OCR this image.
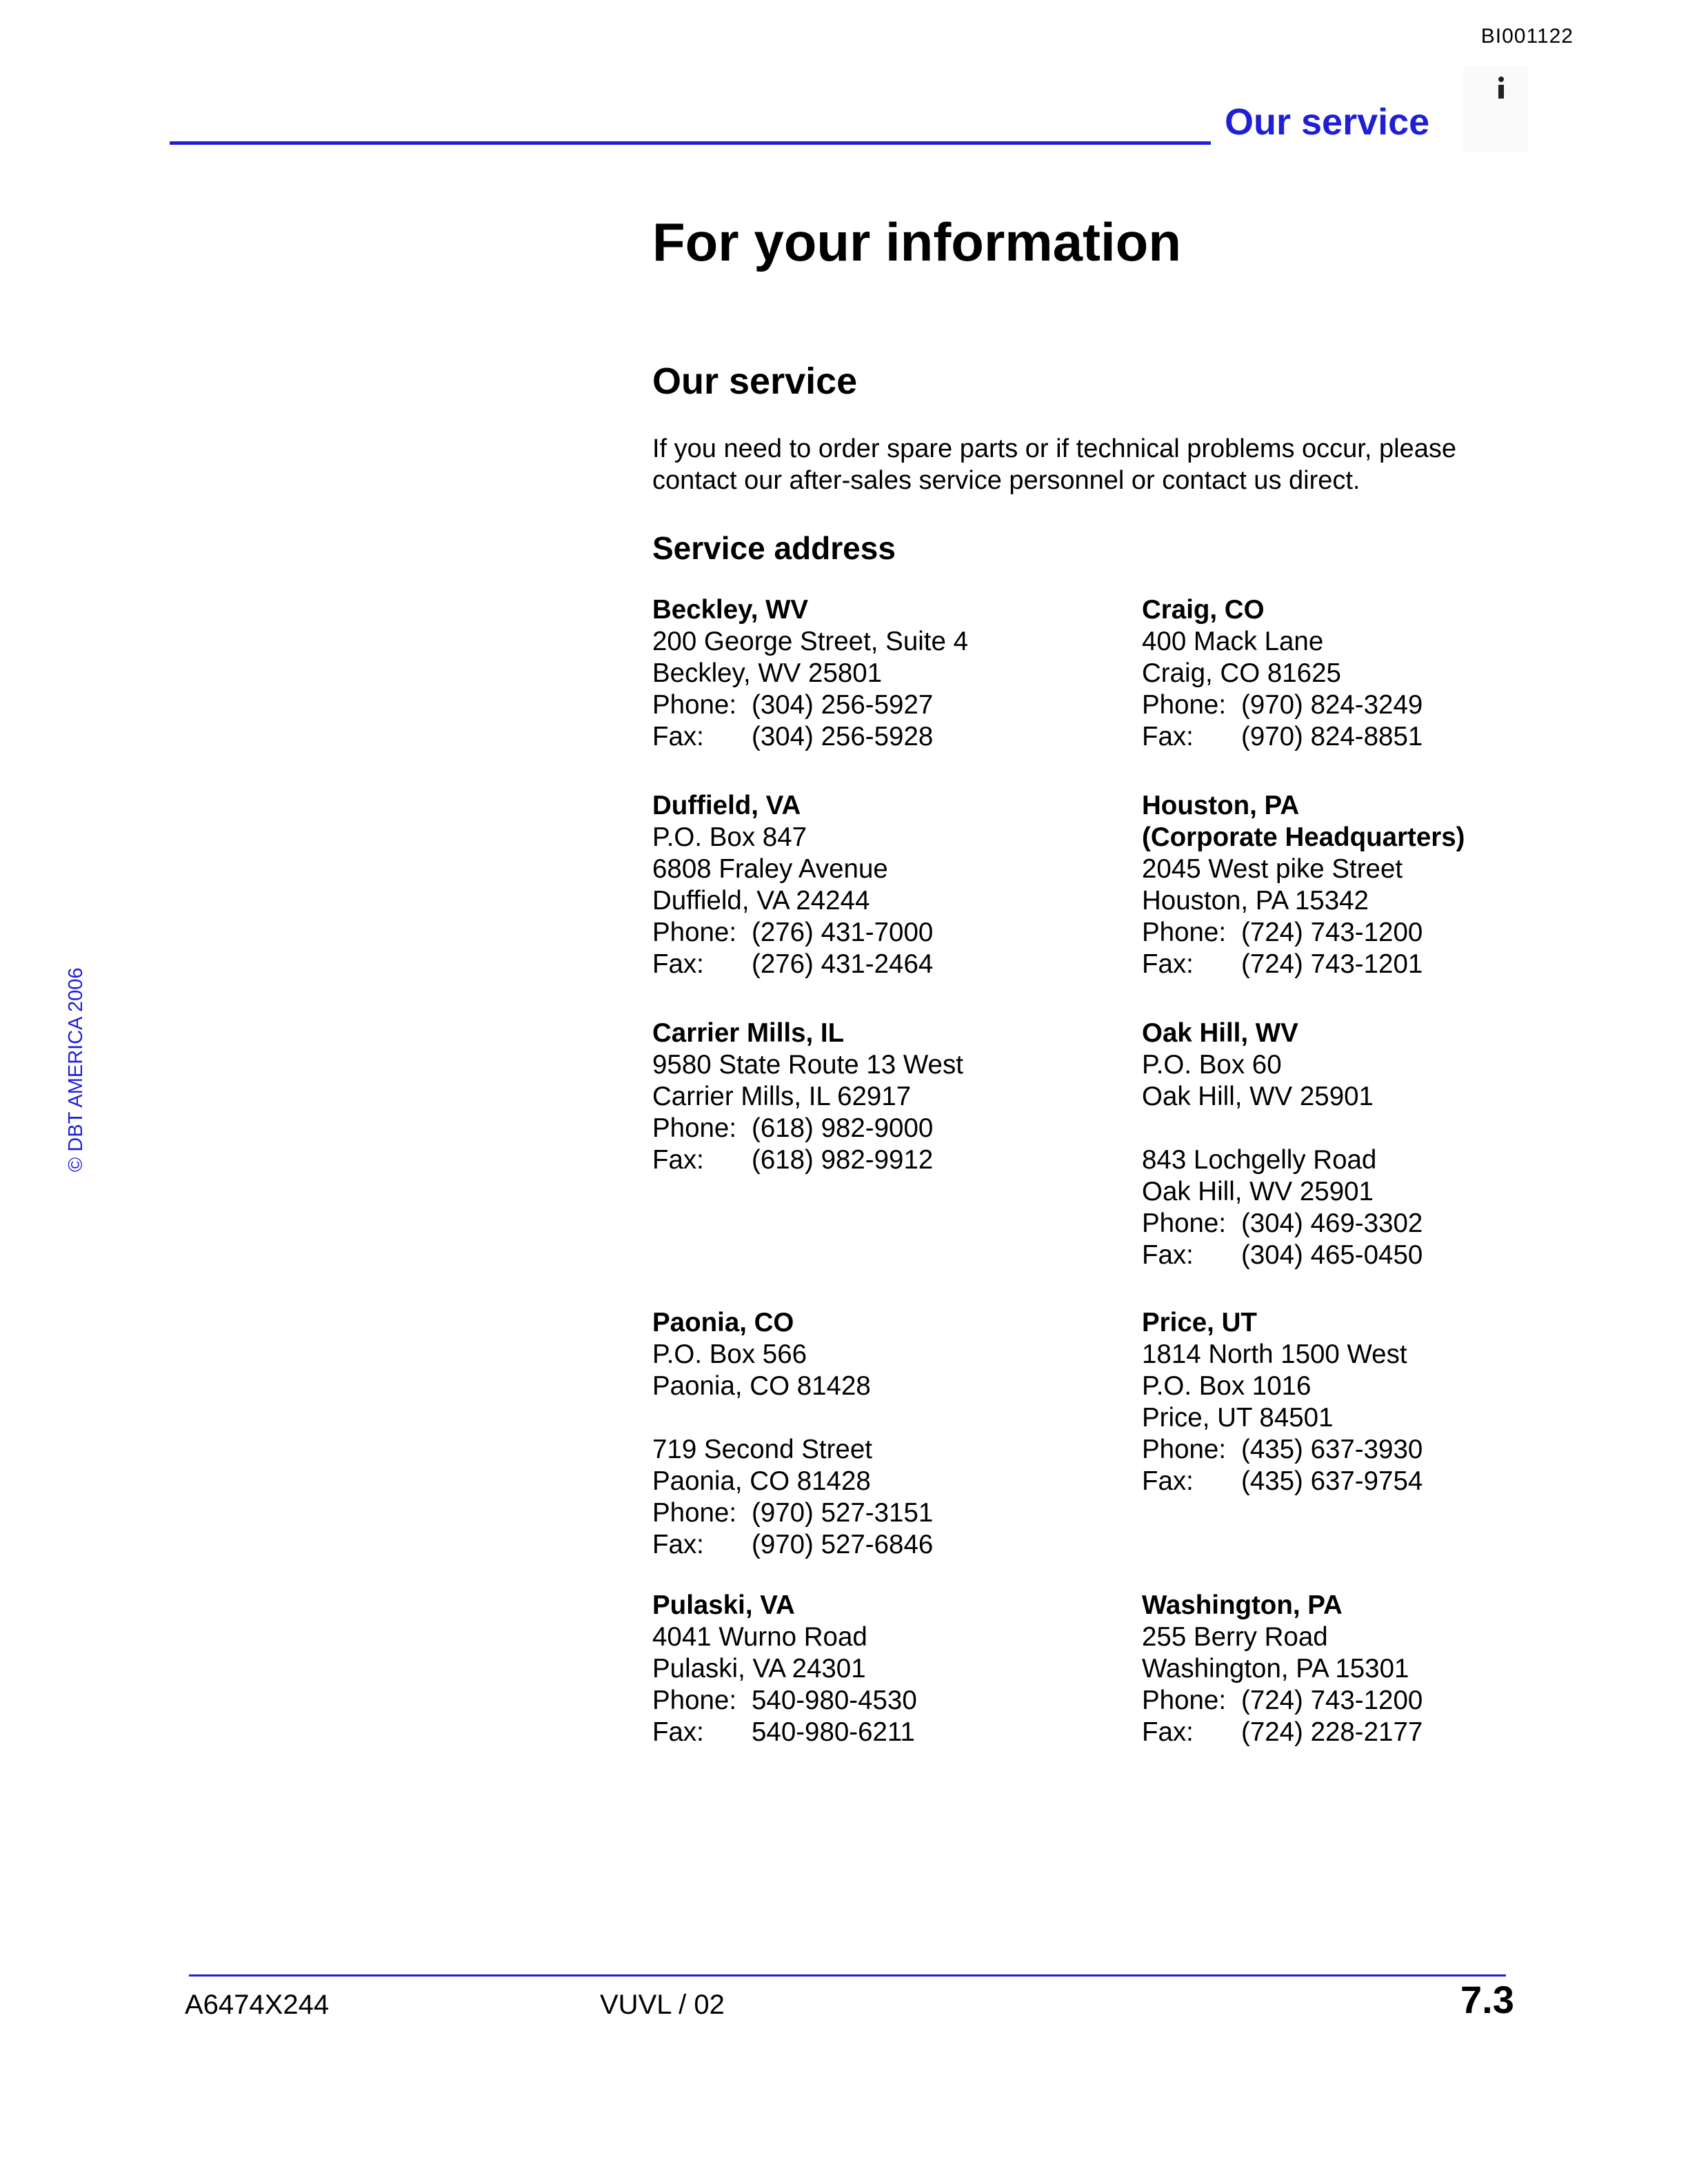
BI001122
Our service
© DBT AMERICA 2006
For your information
Our service

If you need to order spare parts or if technical problems occur, please
contact our after-sales service personnel or contact us direct.

Service address
Beckley, WV
200 George Street, Suite 4
Beckley, WV 25801
Phone: (304) 256-5927
Fax: (304) 256-5928
Craig, CO
400 Mack Lane
Craig, CO 81625
Phone: (970) 824-3249
Fax: (970) 824-8851
Duffield, VA
P.O. Box 847
6808 Fraley Avenue
Duffield, VA 24244
Phone: (276) 431-7000
Fax: (276) 431-2464
Houston, PA
(Corporate Headquarters)
2045 West pike Street
Houston, PA 15342
Phone: (724) 743-1200
Fax: (724) 743-1201
Carrier Mills, IL
9580 State Route 13 West
Carrier Mills, IL 62917
Phone: (618) 982-9000
Fax: (618) 982-9912
Oak Hill, WV
P.O. Box 60
Oak Hill, WV 25901
843 Lochgelly Road
Oak Hill, WV 25901
Phone: (304) 469-3302
Fax: (304) 465-0450
Paonia, CO
P.O. Box 566
Paonia, CO 81428
719 Second Street
Paonia, CO 81428
Phone: (970) 527-3151
Fax: (970) 527-6846
Price, UT
1814 North 1500 West
P.O. Box 1016
Price, UT 84501
Phone: (435) 637-3930
Fax: (435) 637-9754
Pulaski, VA
4041 Wurno Road
Pulaski, VA 24301
Phone: 540-980-4530
Fax: 540-980-6211
Washington, PA
255 Berry Road
Washington, PA 15301
Phone: (724) 743-1200
Fax: (724) 228-2177
A6474X244	VUVL / 02	7.3
